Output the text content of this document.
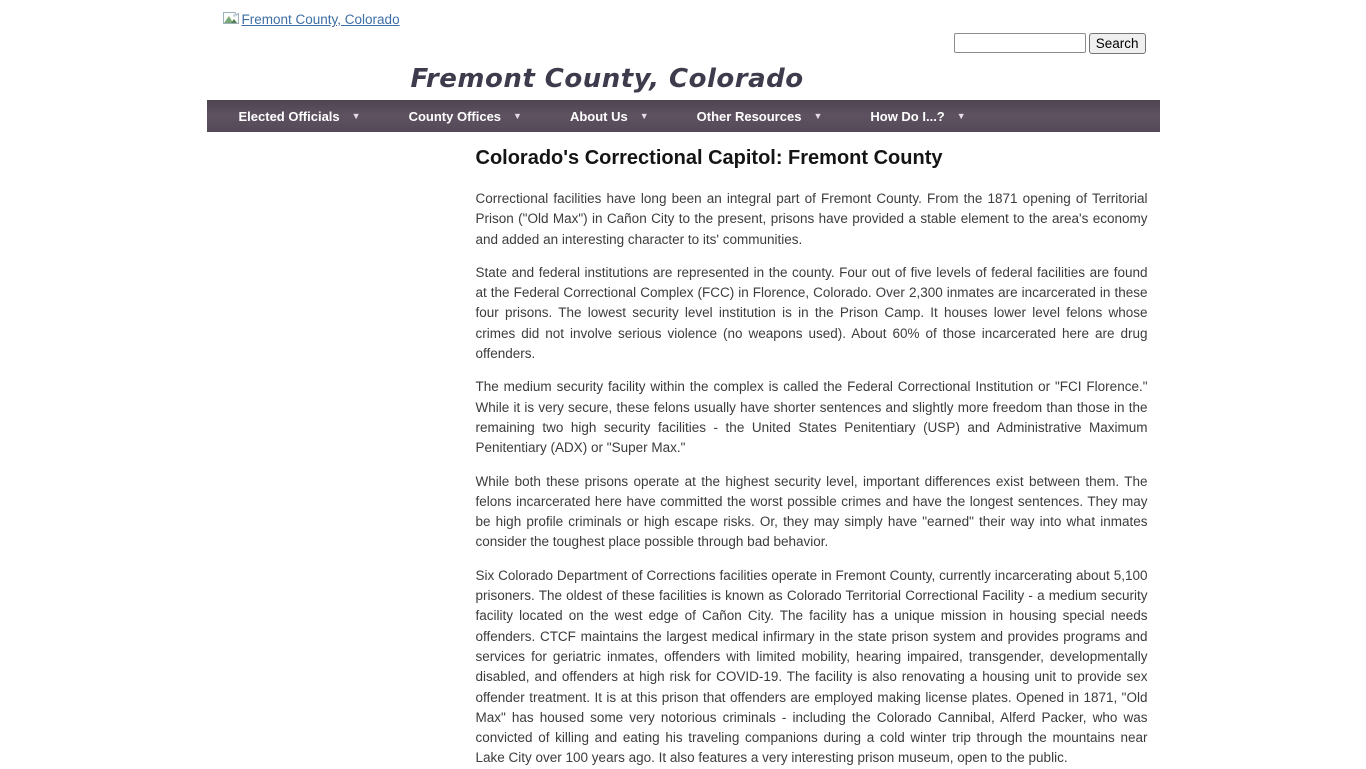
Fremont County, Colorado
Search
Fremont County, Colorado
Elected Officials ▼	County Offices ▼	About Us ▼	Other Resources ▼	How Do I...? ▼
Colorado's Correctional Capitol: Fremont County

Correctional facilities have long been an integral part of Fremont County. From the 1871 opening of Territorial Prison ("Old Max") in Cañon City to the present, prisons have provided a stable element to the area's economy and added an interesting character to its' communities.

State and federal institutions are represented in the county. Four out of five levels of federal facilities are found at the Federal Correctional Complex (FCC) in Florence, Colorado. Over 2,300 inmates are incarcerated in these four prisons. The lowest security level institution is in the Prison Camp. It houses lower level felons whose crimes did not involve serious violence (no weapons used). About 60% of those incarcerated here are drug offenders.

The medium security facility within the complex is called the Federal Correctional Institution or "FCI Florence." While it is very secure, these felons usually have shorter sentences and slightly more freedom than those in the remaining two high security facilities - the United States Penitentiary (USP) and Administrative Maximum Penitentiary (ADX) or "Super Max."

While both these prisons operate at the highest security level, important differences exist between them. The felons incarcerated here have committed the worst possible crimes and have the longest sentences. They may be high profile criminals or high escape risks. Or, they may simply have "earned" their way into what inmates consider the toughest place possible through bad behavior.

Six Colorado Department of Corrections facilities operate in Fremont County, currently incarcerating about 5,100 prisoners. The oldest of these facilities is known as Colorado Territorial Correctional Facility - a medium security facility located on the west edge of Cañon City. The facility has a unique mission in housing special needs offenders. CTCF maintains the largest medical infirmary in the state prison system and provides programs and services for geriatric inmates, offenders with limited mobility, hearing impaired, transgender, developmentally disabled, and offenders at high risk for COVID-19. The facility is also renovating a housing unit to provide sex offender treatment. It is at this prison that offenders are employed making license plates. Opened in 1871, "Old Max" has housed some very notorious criminals - including the Colorado Cannibal, Alferd Packer, who was convicted of killing and eating his traveling companions during a cold winter trip through the mountains near Lake City over 100 years ago. It also features a very interesting prison museum, open to the public.
